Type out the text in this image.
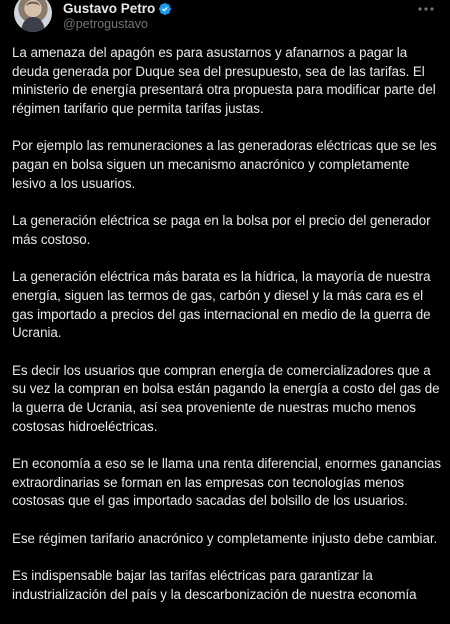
Gustavo Petro
@petrogustavo

La amenaza del apagón es para asustarnos y afanarnos a pagar la deuda generada por Duque sea del presupuesto, sea de las tarifas. El ministerio de energía presentará otra propuesta para modificar parte del régimen tarifario que permita tarifas justas.

Por ejemplo las remuneraciones a las generadoras eléctricas que se les pagan en bolsa siguen un mecanismo anacrónico y completamente lesivo a los usuarios.

La generación eléctrica se paga en la bolsa por el precio del generador más costoso.

La generación eléctrica más barata es la hídrica, la mayoría de nuestra energía, siguen las termos de gas, carbón y diesel y la más cara es el gas importado a precios del gas internacional en medio de la guerra de Ucrania.

Es decir los usuarios que compran energía de comercializadores que a su vez la compran en bolsa están pagando la energía a costo del gas de la guerra de Ucrania, así sea proveniente de nuestras mucho menos costosas hidroeléctricas.

En economía a eso se le llama una renta diferencial, enormes ganancias extraordinarias se forman en las empresas con tecnologías menos costosas que el gas importado sacadas del bolsillo de los usuarios.

Ese régimen tarifario anacrónico y completamente injusto debe cambiar.

Es indispensable bajar las tarifas eléctricas para garantizar la industrialización del país y la descarbonización de nuestra economía
